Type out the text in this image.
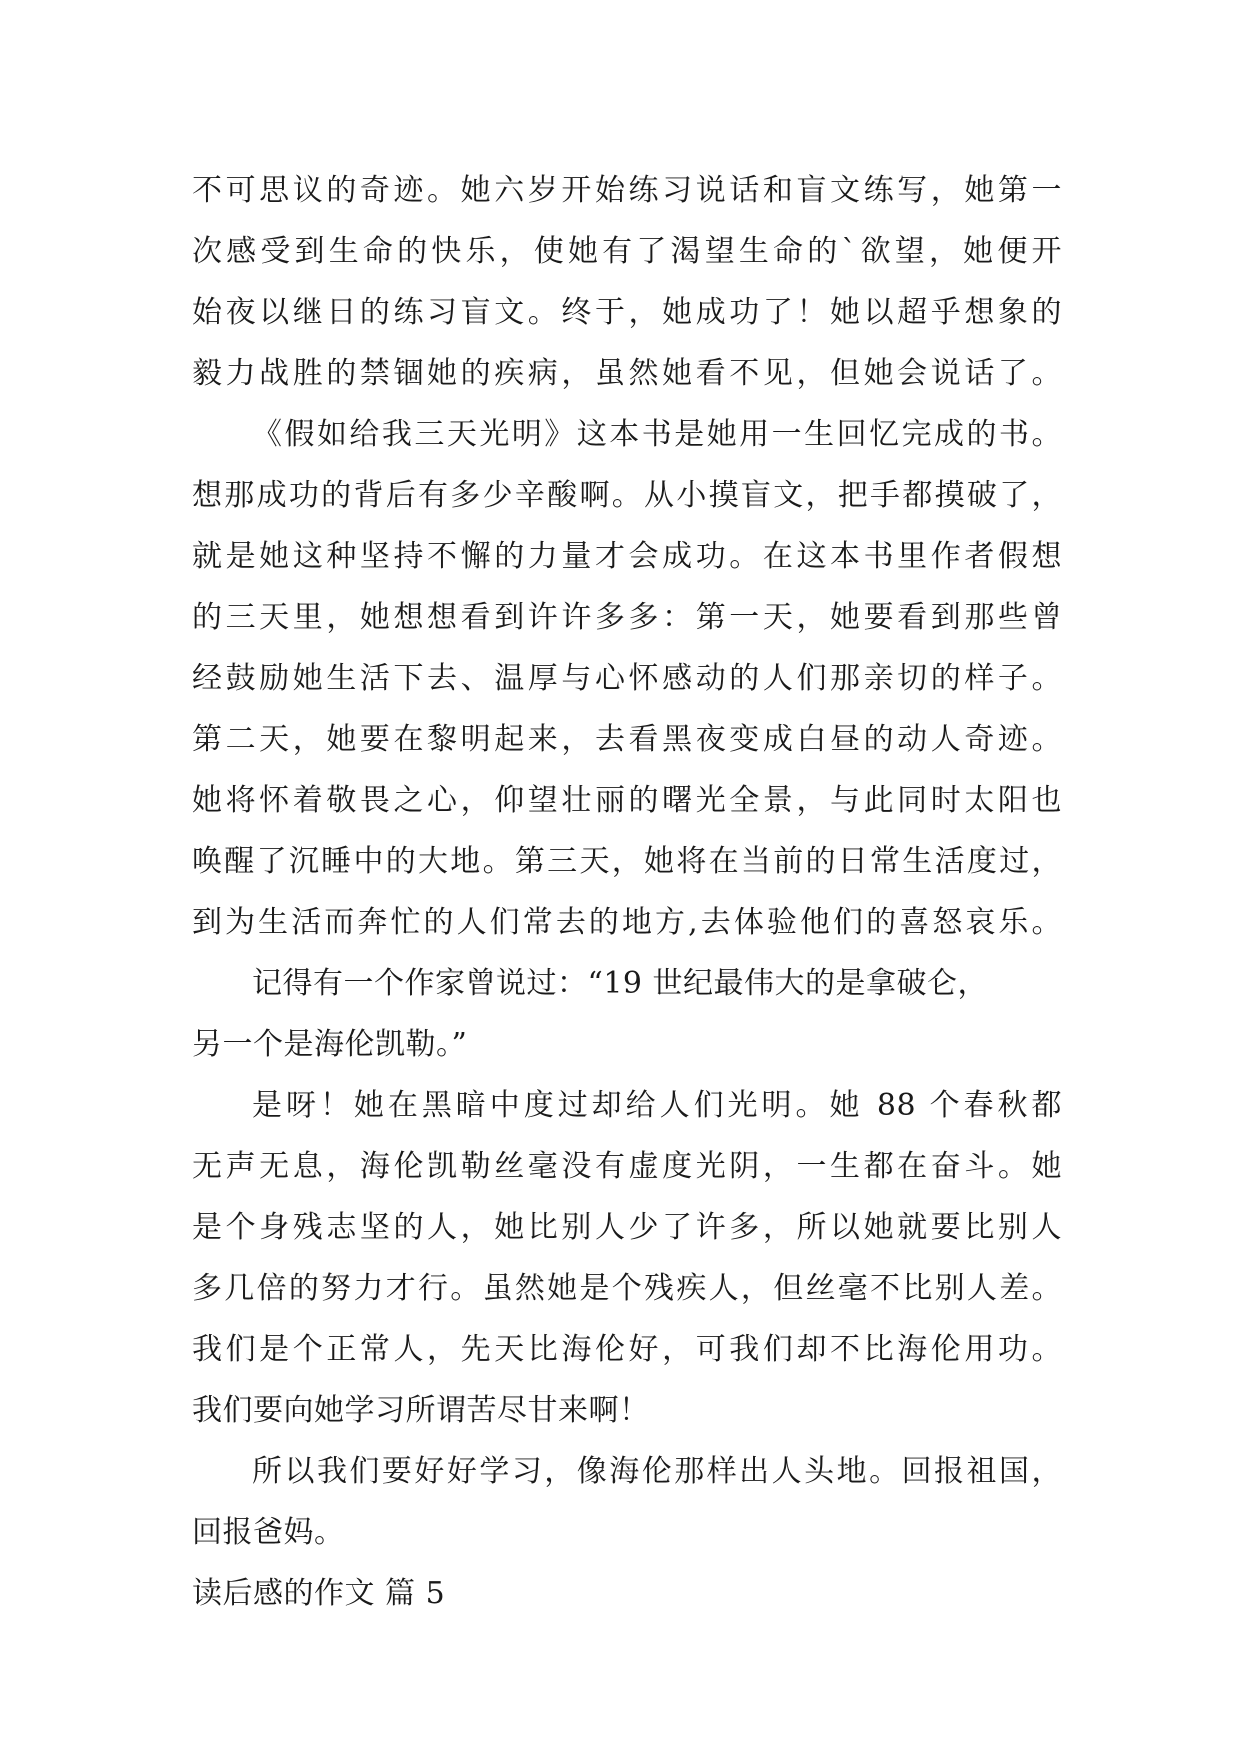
不可思议的奇迹。她六岁开始练习说话和盲文练写，她第一
次感受到生命的快乐，使她有了渴望生命的`欲望，她便开
始夜以继日的练习盲文。终于，她成功了！她以超乎想象的
毅力战胜的禁锢她的疾病，虽然她看不见，但她会说话了。
《假如给我三天光明》这本书是她用一生回忆完成的书。
想那成功的背后有多少辛酸啊。从小摸盲文，把手都摸破了，
就是她这种坚持不懈的力量才会成功。在这本书里作者假想
的三天里，她想想看到许许多多：第一天，她要看到那些曾
经鼓励她生活下去、温厚与心怀感动的人们那亲切的样子。
第二天，她要在黎明起来，去看黑夜变成白昼的动人奇迹。
她将怀着敬畏之心，仰望壮丽的曙光全景，与此同时太阳也
唤醒了沉睡中的大地。第三天，她将在当前的日常生活度过，
到为生活而奔忙的人们常去的地方,去体验他们的喜怒哀乐。
记得有一个作家曾说过：“19 世纪最伟大的是拿破仑，
另一个是海伦凯勒。”
是呀！她在黑暗中度过却给人们光明。她 88 个春秋都
无声无息，海伦凯勒丝毫没有虚度光阴，一生都在奋斗。她
是个身残志坚的人，她比别人少了许多，所以她就要比别人
多几倍的努力才行。虽然她是个残疾人，但丝毫不比别人差。
我们是个正常人，先天比海伦好，可我们却不比海伦用功。
我们要向她学习所谓苦尽甘来啊！
所以我们要好好学习，像海伦那样出人头地。回报祖国，
回报爸妈。
读后感的作文 篇 5
